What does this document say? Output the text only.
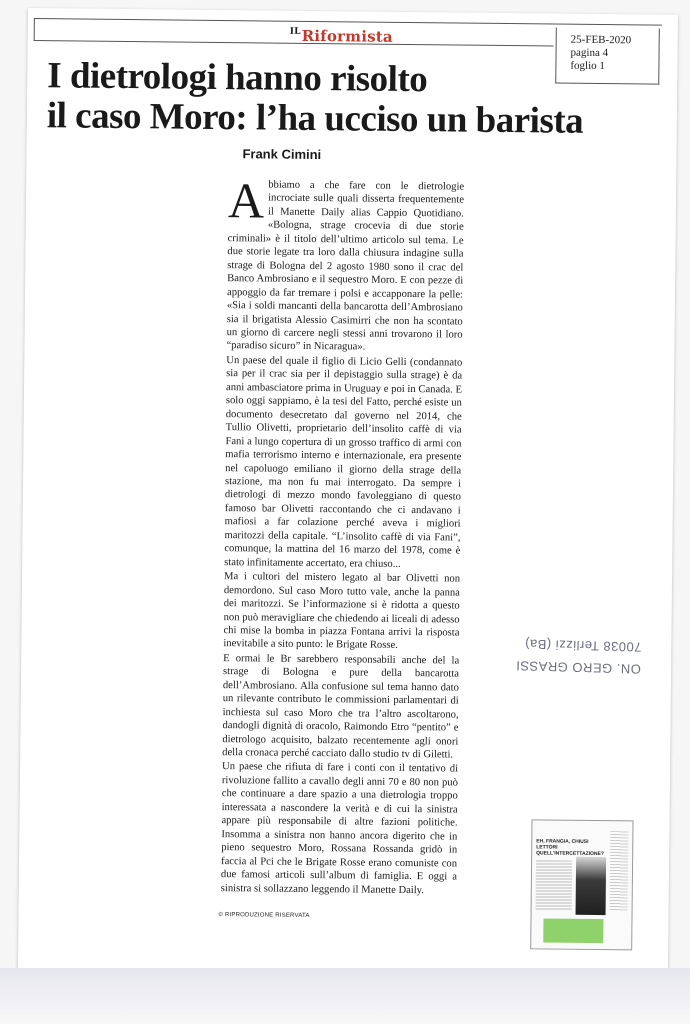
$^{IL}$Riformista	25-FEB-2020
pagina 4
foglio 1
I dietrologi hanno risolto
il caso Moro: l’ha ucciso un barista
Frank Cimini

Abbiamo a che fare con le dietrologie incrociate sulle quali disserta frequentemente il Manette Daily alias Cappio Quotidiano. «Bologna, strage crocevia di due storie criminali» è il titolo dell’ultimo articolo sul tema. Le due storie legate tra loro dalla chiusura indagine sulla strage di Bologna del 2 agosto 1980 sono il crac del Banco Ambrosiano e il sequestro Moro. E con pezze di appoggio da far tremare i polsi e accapponare la pelle: «Sia i soldi mancanti della bancarotta dell’Ambrosiano sia il brigatista Alessio Casimirri che non ha scontato un giorno di carcere negli stessi anni trovarono il loro “paradiso sicuro” in Nicaragua».

Un paese del quale il figlio di Licio Gelli (condannato sia per il crac sia per il depistaggio sulla strage) è da anni ambasciatore prima in Uruguay e poi in Canada. E solo oggi sappiamo, è la tesi del Fatto, perché esiste un documento desecretato dal governo nel 2014, che Tullio Olivetti, proprietario dell’insolito caffè di via Fani a lungo copertura di un grosso traffico di armi con mafia terrorismo interno e internazionale, era presente nel capoluogo emiliano il giorno della strage della stazione, ma non fu mai interrogato. Da sempre i dietrologi di mezzo mondo favoleggiano di questo famoso bar Olivetti raccontando che ci andavano i mafiosi a far colazione perché aveva i migliori maritozzi della capitale. “L’insolito caffè di via Fani”, comunque, la mattina del 16 marzo del 1978, come è stato infinitamente accertato, era chiuso...

Ma i cultori del mistero legato al bar Olivetti non demordono. Sul caso Moro tutto vale, anche la panna dei maritozzi. Se l’informazione si è ridotta a questo non può meravigliare che chiedendo ai liceali di adesso chi mise la bomba in piazza Fontana arrivi la risposta inevitabile a sito punto: le Brigate Rosse.

E ormai le Br sarebbero responsabili anche del la strage di Bologna e pure della bancarotta dell’Ambrosiano. Alla confusione sul tema hanno dato un rilevante contributo le commissioni parlamentari di inchiesta sul caso Moro che tra l’altro ascoltarono, dandogli dignità di oracolo, Raimondo Etro “pentito” e dietrologo acquisito, balzato recentemente agli onori della cronaca perché cacciato dallo studio tv di Giletti.

Un paese che rifiuta di fare i conti con il tentativo di rivoluzione fallito a cavallo degli anni 70 e 80 non può che continuare a dare spazio a una dietrologia troppo interessata a nascondere la verità e di cui la sinistra appare più responsabile di altre fazioni politiche. Insomma a sinistra non hanno ancora digerito che in pieno sequestro Moro, Rossana Rossanda gridò in faccia al Pci che le Brigate Rosse erano comuniste con due famosi articoli sull’album di famiglia. E oggi a sinistra si sollazzano leggendo il Manette Daily.

© RIPRODUZIONE RISERVATA
ON. GERO GRASSI
70038 Terlizzi (Ba)
EH, FRANGIA, CHIUSI LETTORI QUELL'INTERCETTAZIONE?
